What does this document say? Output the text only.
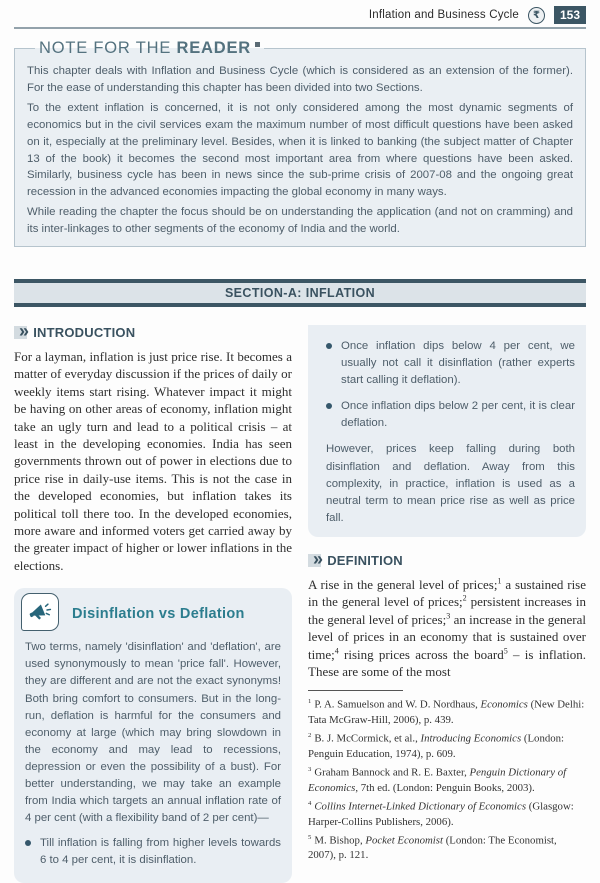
Inflation and Business Cycle ₹	153
NOTE FOR THE READER

This chapter deals with Inflation and Business Cycle (which is considered as an extension of the former). For the ease of understanding this chapter has been divided into two Sections.

To the extent inflation is concerned, it is not only considered among the most dynamic segments of economics but in the civil services exam the maximum number of most difficult questions have been asked on it, especially at the preliminary level. Besides, when it is linked to banking (the subject matter of Chapter 13 of the book) it becomes the second most important area from where questions have been asked. Similarly, business cycle has been in news since the sub-prime crisis of 2007-08 and the ongoing great recession in the advanced economies impacting the global economy in many ways.

While reading the chapter the focus should be on understanding the application (and not on cramming) and its inter-linkages to other segments of the economy of India and the world.

SECTION-A: INFLATION
» INTRODUCTION

For a layman, inflation is just price rise. It becomes a matter of everyday discussion if the prices of daily or weekly items start rising. Whatever impact it might be having on other areas of economy, inflation might take an ugly turn and lead to a political crisis – at least in the developing economies. India has seen governments thrown out of power in elections due to price rise in daily-use items. This is not the case in the developed economies, but inflation takes its political toll there too. In the developed economies, more aware and informed voters get carried away by the greater impact of higher or lower inflations in the elections.

Disinflation vs Deflation

Two terms, namely 'disinflation' and 'deflation', are used synonymously to mean 'price fall'. However, they are different and are not the exact synonyms! Both bring comfort to consumers. But in the long-run, deflation is harmful for the consumers and economy at large (which may bring slowdown in the economy and may lead to recessions, depression or even the possibility of a bust). For better understanding, we may take an example from India which targets an annual inflation rate of 4 per cent (with a flexibility band of 2 per cent)—

Till inflation is falling from higher levels towards 6 to 4 per cent, it is disinflation.
Once inflation dips below 4 per cent, we usually not call it disinflation (rather experts start calling it deflation).
Once inflation dips below 2 per cent, it is clear deflation.

However, prices keep falling during both disinflation and deflation. Away from this complexity, in practice, inflation is used as a neutral term to mean price rise as well as price fall.

» DEFINITION

A rise in the general level of prices;$^1$ a sustained rise in the general level of prices;$^2$ persistent increases in the general level of prices;$^3$ an increase in the general level of prices in an economy that is sustained over time;$^4$ rising prices across the board$^5$ – is inflation. These are some of the most

$^1$ P. A. Samuelson and W. D. Nordhaus, Economics (New Delhi: Tata McGraw-Hill, 2006), p. 439.

$^2$ B. J. McCormick, et al., Introducing Economics (London: Penguin Education, 1974), p. 609.

$^3$ Graham Bannock and R. E. Baxter, Penguin Dictionary of Economics, 7th ed. (London: Penguin Books, 2003).

$^4$ Collins Internet-Linked Dictionary of Economics (Glasgow: Harper-Collins Publishers, 2006).

$^5$ M. Bishop, Pocket Economist (London: The Economist, 2007), p. 121.
